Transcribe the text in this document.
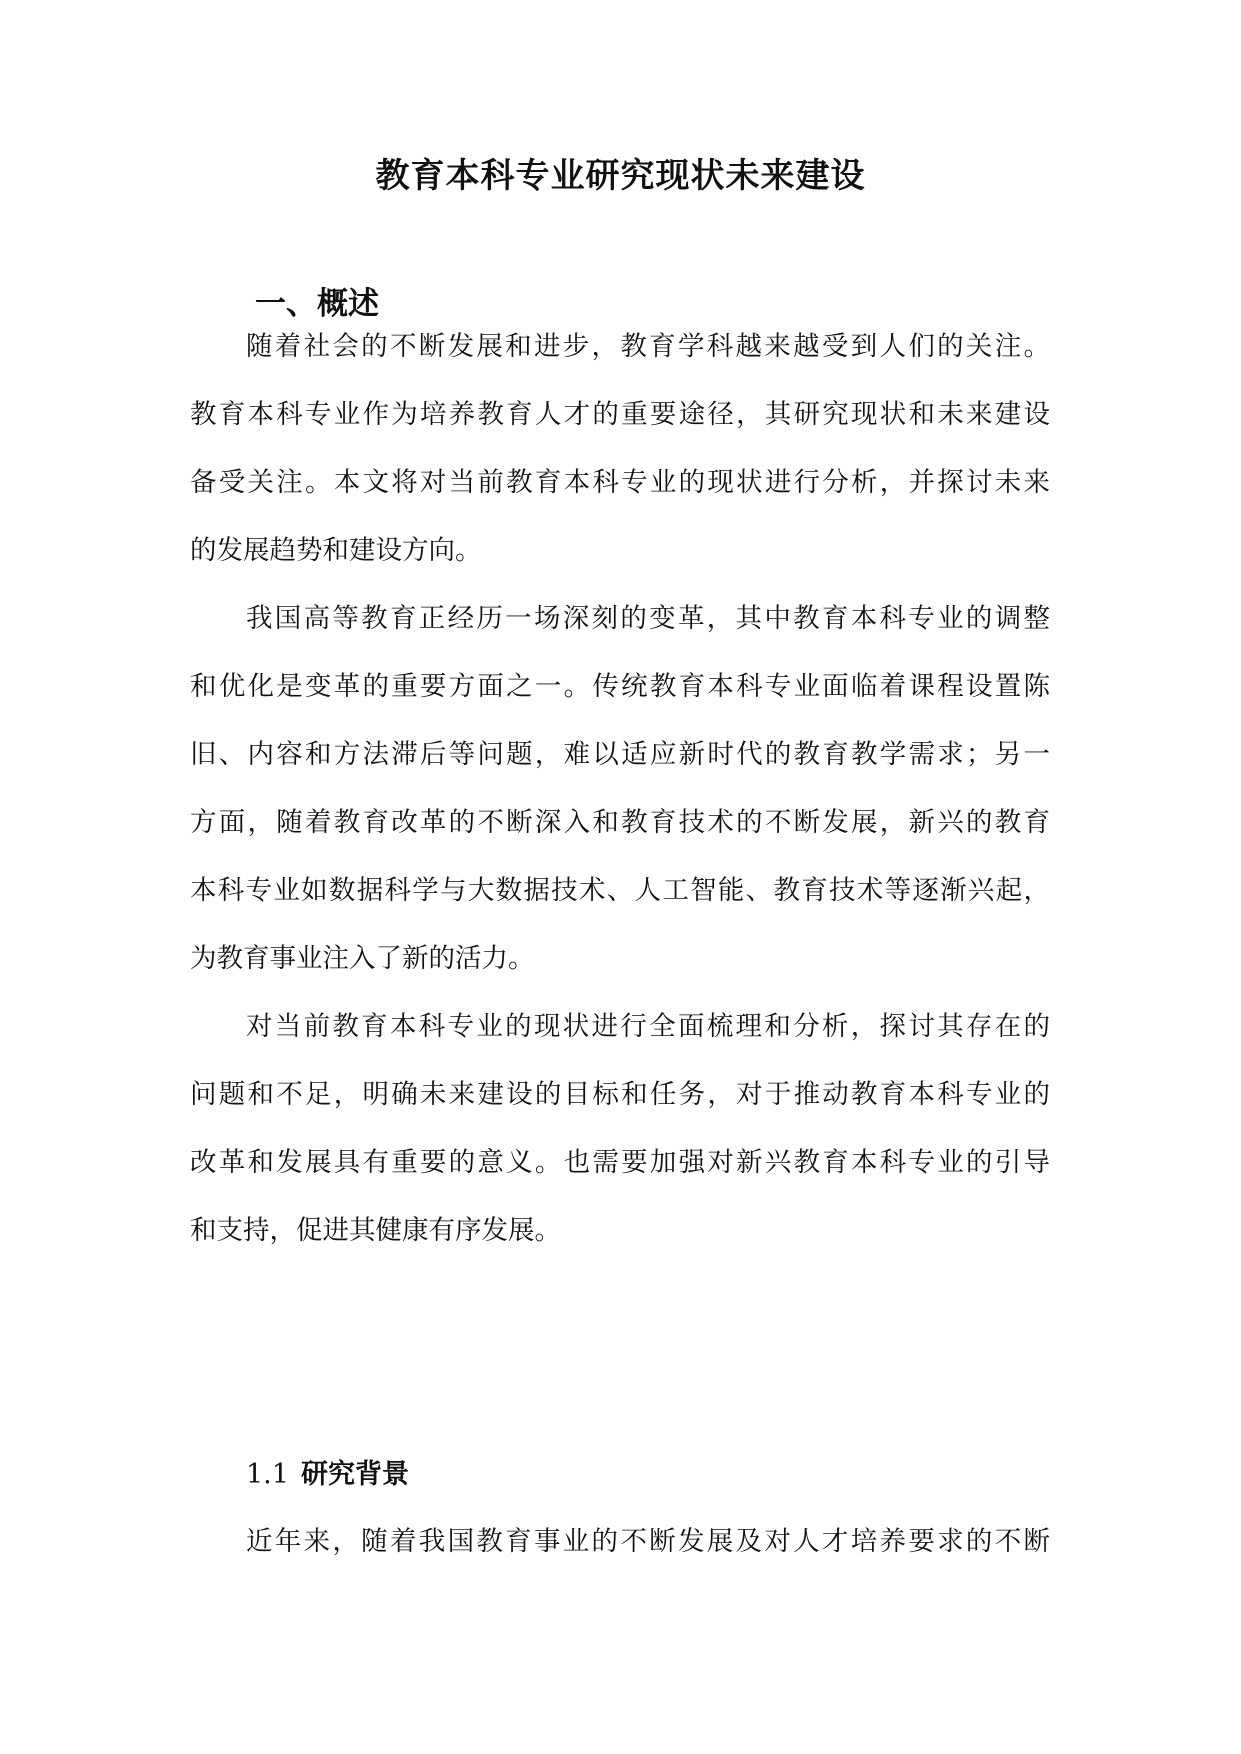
教育本科专业研究现状未来建设
一、概述
随着社会的不断发展和进步，教育学科越来越受到人们的关注。
教育本科专业作为培养教育人才的重要途径，其研究现状和未来建设
备受关注。本文将对当前教育本科专业的现状进行分析，并探讨未来
的发展趋势和建设方向。
我国高等教育正经历一场深刻的变革，其中教育本科专业的调整
和优化是变革的重要方面之一。传统教育本科专业面临着课程设置陈
旧、内容和方法滞后等问题，难以适应新时代的教育教学需求；另一
方面，随着教育改革的不断深入和教育技术的不断发展，新兴的教育
本科专业如数据科学与大数据技术、人工智能、教育技术等逐渐兴起，
为教育事业注入了新的活力。
对当前教育本科专业的现状进行全面梳理和分析，探讨其存在的
问题和不足，明确未来建设的目标和任务，对于推动教育本科专业的
改革和发展具有重要的意义。也需要加强对新兴教育本科专业的引导
和支持，促进其健康有序发展。
1.1 研究背景
近年来，随着我国教育事业的不断发展及对人才培养要求的不断
